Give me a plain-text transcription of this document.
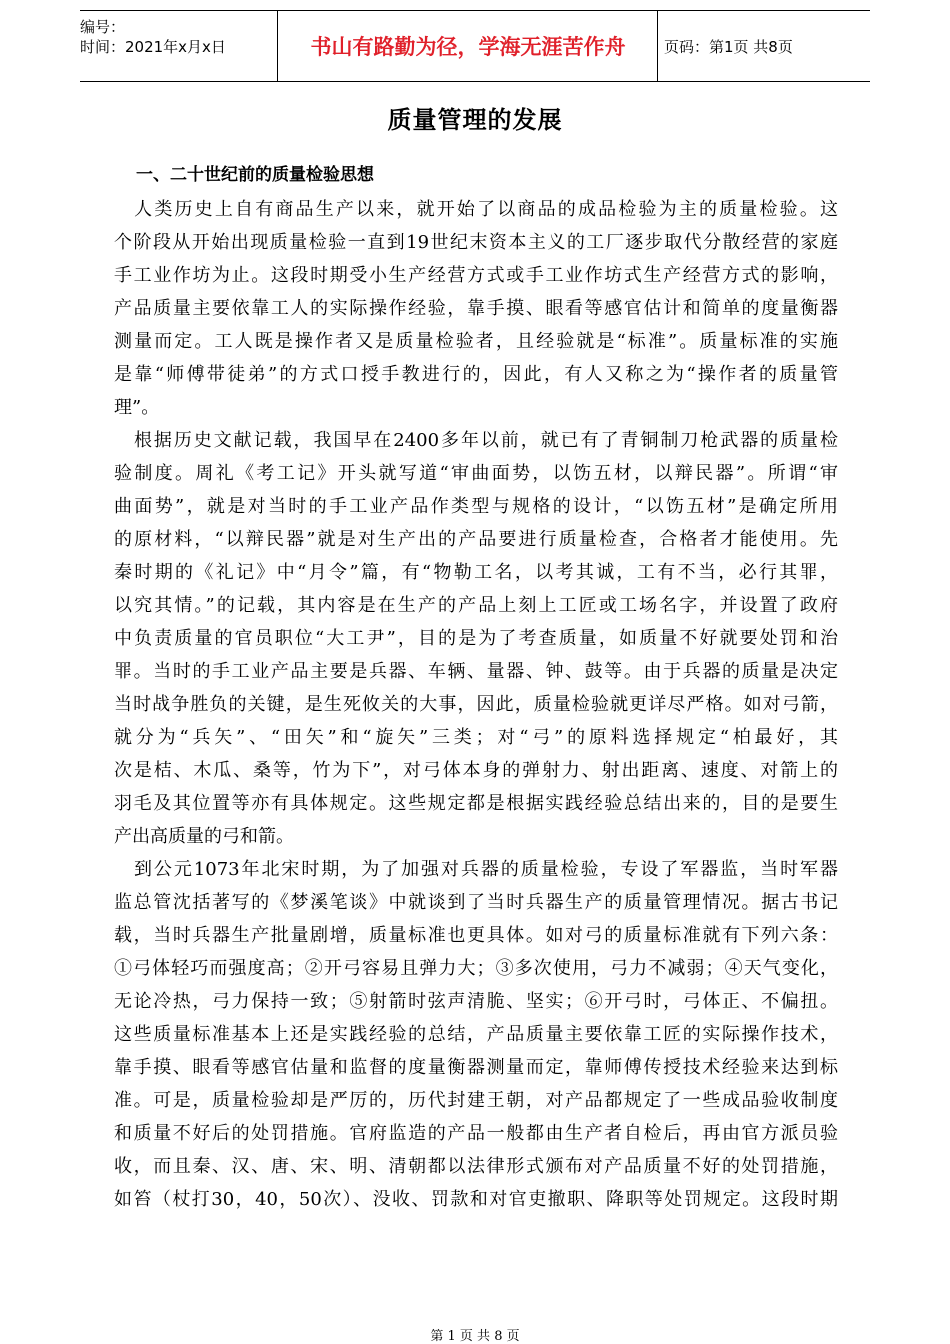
编号：
时间：2021年x月x日	书山有路勤为径，学海无涯苦作舟	页码：第1页 共8页
质量管理的发展
一、二十世纪前的质量检验思想
　人类历史上自有商品生产以来，就开始了以商品的成品检验为主的质量检验。这
个阶段从开始出现质量检验一直到19世纪末资本主义的工厂逐步取代分散经营的家庭
手工业作坊为止。这段时期受小生产经营方式或手工业作坊式生产经营方式的影响，
产品质量主要依靠工人的实际操作经验，靠手摸、眼看等感官估计和简单的度量衡器
测量而定。工人既是操作者又是质量检验者，且经验就是“标准”。质量标准的实施
是靠“师傅带徒弟”的方式口授手教进行的，因此，有人又称之为“操作者的质量管
理”。
　根据历史文献记载，我国早在2400多年以前，就已有了青铜制刀枪武器的质量检
验制度。周礼《考工记》开头就写道“审曲面势，以饬五材，以辩民器”。所谓“审
曲面势”，就是对当时的手工业产品作类型与规格的设计，“以饬五材”是确定所用
的原材料，“以辩民器”就是对生产出的产品要进行质量检查，合格者才能使用。先
秦时期的《礼记》中“月令”篇，有“物勒工名，以考其诚，工有不当，必行其罪，
以究其情。”的记载，其内容是在生产的产品上刻上工匠或工场名字，并设置了政府
中负责质量的官员职位“大工尹”，目的是为了考查质量，如质量不好就要处罚和治
罪。当时的手工业产品主要是兵器、车辆、量器、钟、鼓等。由于兵器的质量是决定
当时战争胜负的关键，是生死攸关的大事，因此，质量检验就更详尽严格。如对弓箭，
就分为“兵矢”、“田矢”和“旋矢”三类；对“弓”的原料选择规定“柏最好，其
次是桔、木瓜、桑等，竹为下”，对弓体本身的弹射力、射出距离、速度、对箭上的
羽毛及其位置等亦有具体规定。这些规定都是根据实践经验总结出来的，目的是要生
产出高质量的弓和箭。
　到公元1073年北宋时期，为了加强对兵器的质量检验，专设了军器监，当时军器
监总管沈括著写的《梦溪笔谈》中就谈到了当时兵器生产的质量管理情况。据古书记
载，当时兵器生产批量剧增，质量标准也更具体。如对弓的质量标准就有下列六条：
①弓体轻巧而强度高；②开弓容易且弹力大；③多次使用，弓力不减弱；④天气变化，
无论冷热，弓力保持一致；⑤射箭时弦声清脆、坚实；⑥开弓时，弓体正、不偏扭。
这些质量标准基本上还是实践经验的总结，产品质量主要依靠工匠的实际操作技术，
靠手摸、眼看等感官估量和监督的度量衡器测量而定，靠师傅传授技术经验来达到标
准。可是，质量检验却是严厉的，历代封建王朝，对产品都规定了一些成品验收制度
和质量不好后的处罚措施。官府监造的产品一般都由生产者自检后，再由官方派员验
收，而且秦、汉、唐、宋、明、清朝都以法律形式颁布对产品质量不好的处罚措施，
如笞（杖打30，40，50次）、没收、罚款和对官吏撤职、降职等处罚规定。这段时期
第 1 页 共 8 页
